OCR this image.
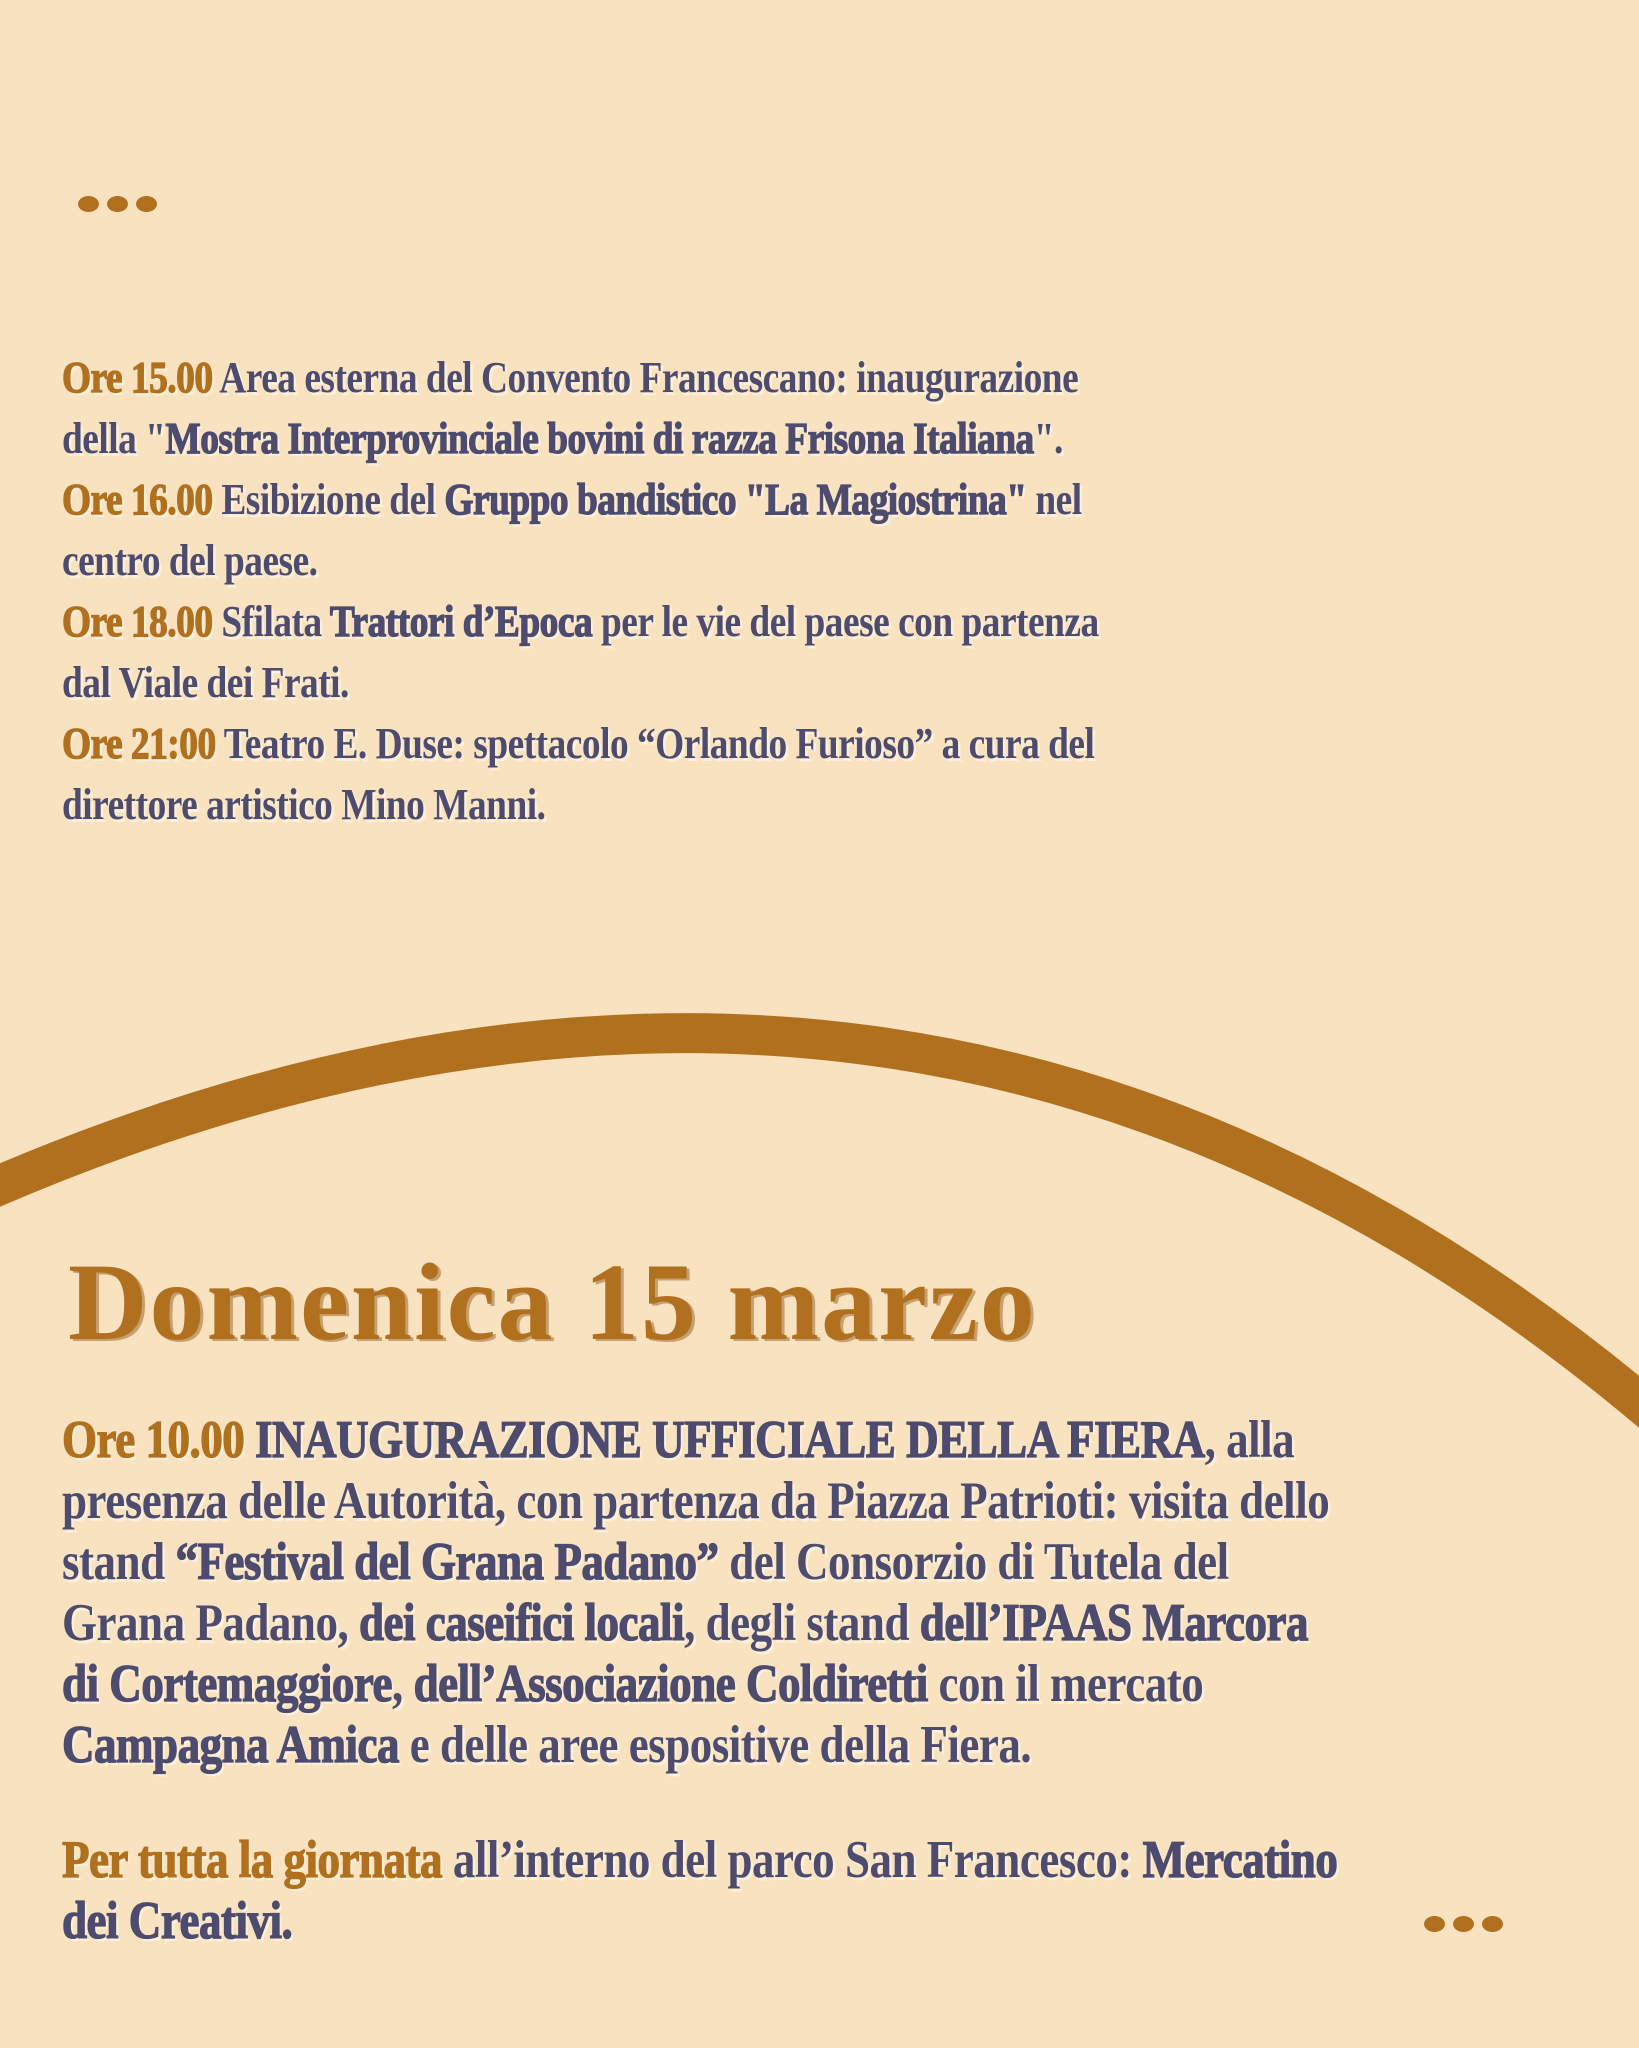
Ore 15.00 Area esterna del Convento Francescano: inaugurazione
della "Mostra Interprovinciale bovini di razza Frisona Italiana".
Ore 16.00 Esibizione del Gruppo bandistico "La Magiostrina" nel
centro del paese.
Ore 18.00 Sfilata Trattori d’Epoca per le vie del paese con partenza
dal Viale dei Frati.
Ore 21:00 Teatro E. Duse: spettacolo “Orlando Furioso” a cura del
direttore artistico Mino Manni.
Domenica 15 marzo
Ore 10.00 INAUGURAZIONE UFFICIALE DELLA FIERA, alla
presenza delle Autorità, con partenza da Piazza Patrioti: visita dello
stand “Festival del Grana Padano” del Consorzio di Tutela del
Grana Padano, dei caseifici locali, degli stand dell’IPAAS Marcora
di Cortemaggiore, dell’Associazione Coldiretti con il mercato
Campagna Amica e delle aree espositive della Fiera.
Per tutta la giornata all’interno del parco San Francesco: Mercatino
dei Creativi.
